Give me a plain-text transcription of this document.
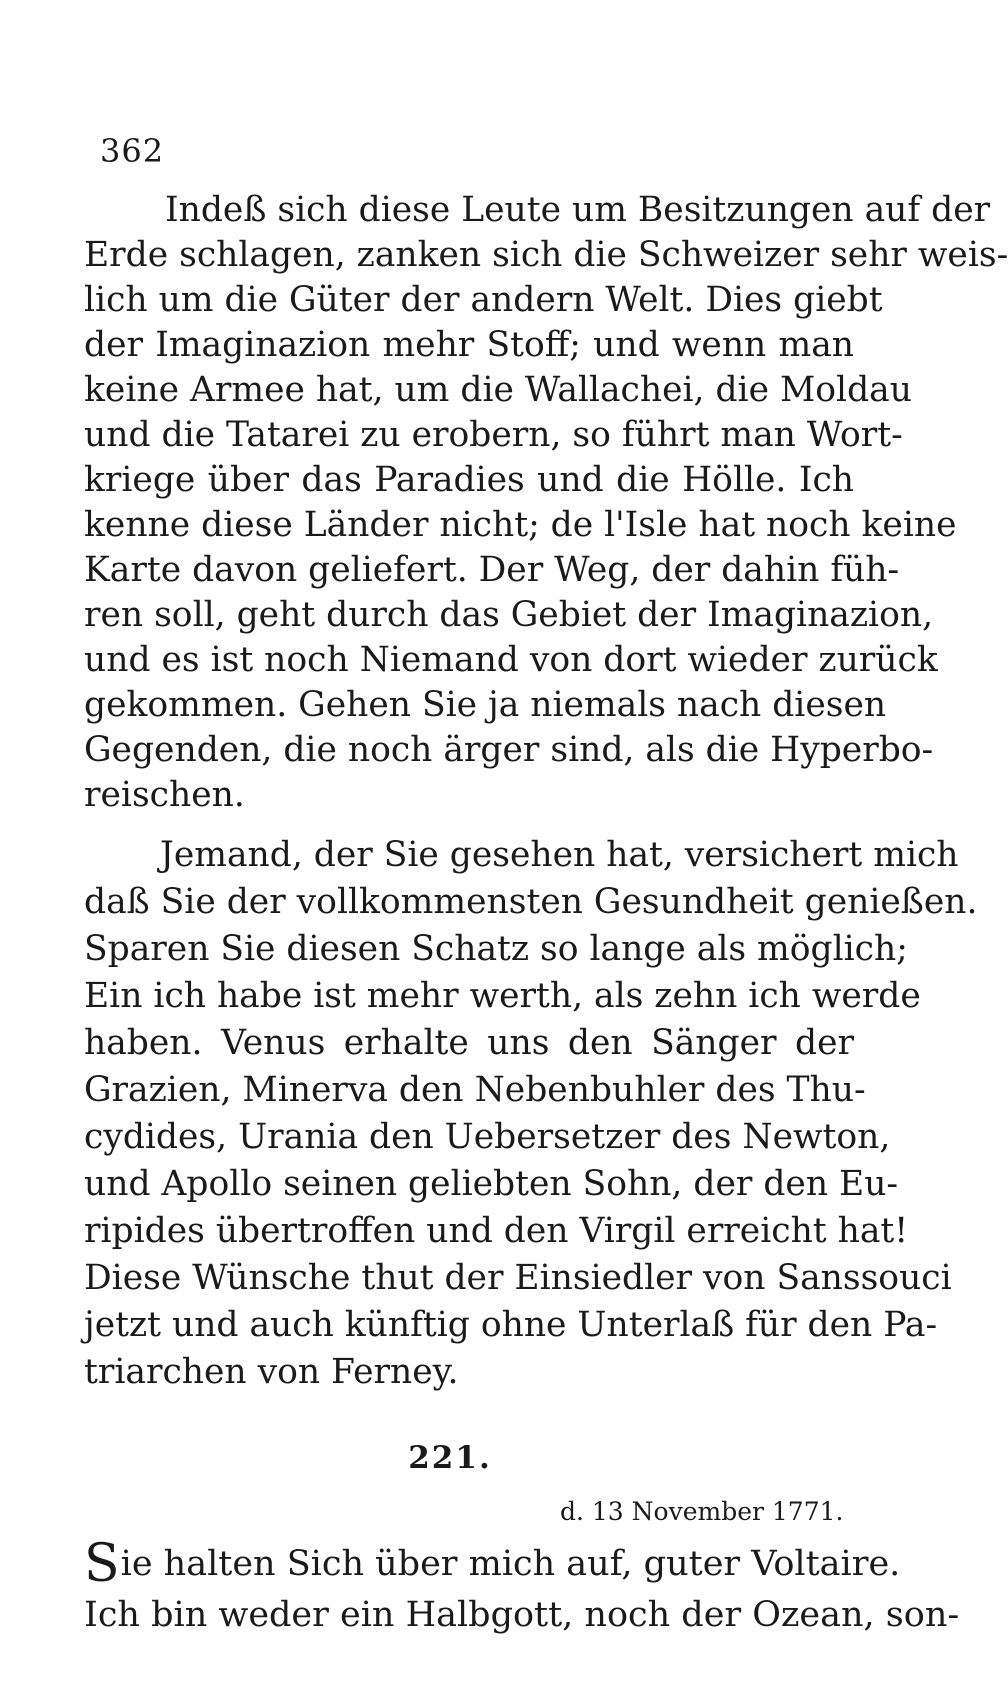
362
Indeß sich diese Leute um Besitzungen auf der
Erde schlagen, zanken sich die Schweizer sehr weis-
lich um die Güter der andern Welt. Dies giebt
der Imaginazion mehr Stoff; und wenn man
keine Armee hat, um die Wallachei, die Moldau
und die Tatarei zu erobern, so führt man Wort-
kriege über das Paradies und die Hölle. Ich
kenne diese Länder nicht; de l'Isle hat noch keine
Karte davon geliefert. Der Weg, der dahin füh-
ren soll, geht durch das Gebiet der Imaginazion,
und es ist noch Niemand von dort wieder zurück
gekommen. Gehen Sie ja niemals nach diesen
Gegenden, die noch ärger sind, als die Hyperbo-
reischen.
Jemand, der Sie gesehen hat, versichert mich
daß Sie der vollkommensten Gesundheit genießen.
Sparen Sie diesen Schatz so lange als möglich;
Ein ich habe ist mehr werth, als zehn ich werde
haben. Venus erhalte uns den Sänger der
Grazien, Minerva den Nebenbuhler des Thu-
cydides, Urania den Uebersetzer des Newton,
und Apollo seinen geliebten Sohn, der den Eu-
ripides übertroffen und den Virgil erreicht hat!
Diese Wünsche thut der Einsiedler von Sanssouci
jetzt und auch künftig ohne Unterlaß für den Pa-
triarchen von Ferney.
221.
d. 13 November 1771.
Sie halten Sich über mich auf, guter Voltaire.
Ich bin weder ein Halbgott, noch der Ozean, son-
